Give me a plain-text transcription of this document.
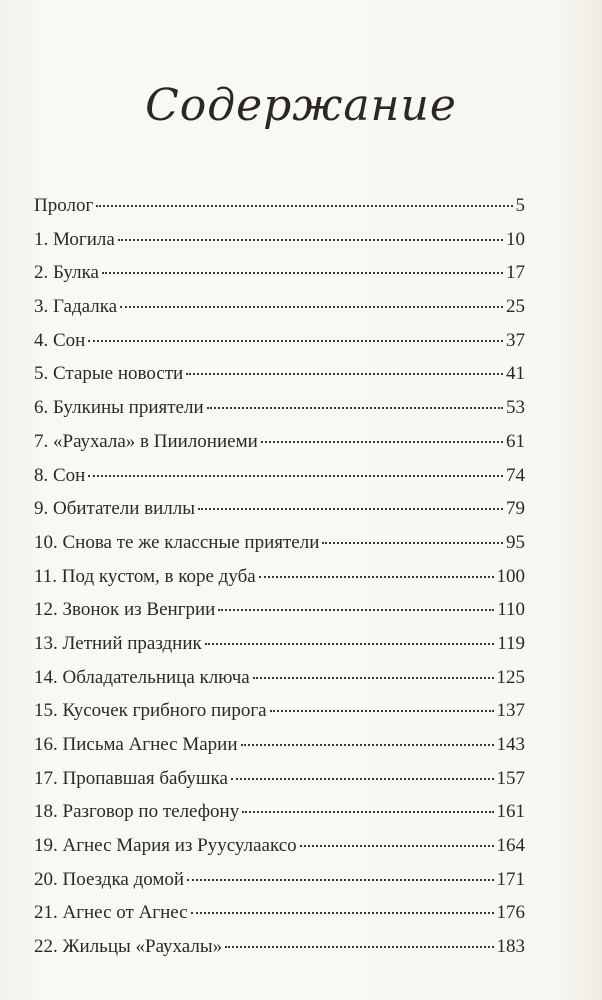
Содержание
Пролог	5
1. Могила	10
2. Булка	17
3. Гадалка	25
4. Сон	37
5. Старые новости	41
6. Булкины приятели	53
7. «Раухала» в Пиилониеми	61
8. Сон	74
9. Обитатели виллы	79
10. Снова те же классные приятели	95
11. Под кустом, в коре дуба	100
12. Звонок из Венгрии	110
13. Летний праздник	119
14. Обладательница ключа	125
15. Кусочек грибного пирога	137
16. Письма Агнес Марии	143
17. Пропавшая бабушка	157
18. Разговор по телефону	161
19. Агнес Мария из Руусулааксо	164
20. Поездка домой	171
21. Агнес от Агнес	176
22. Жильцы «Раухалы»	183
